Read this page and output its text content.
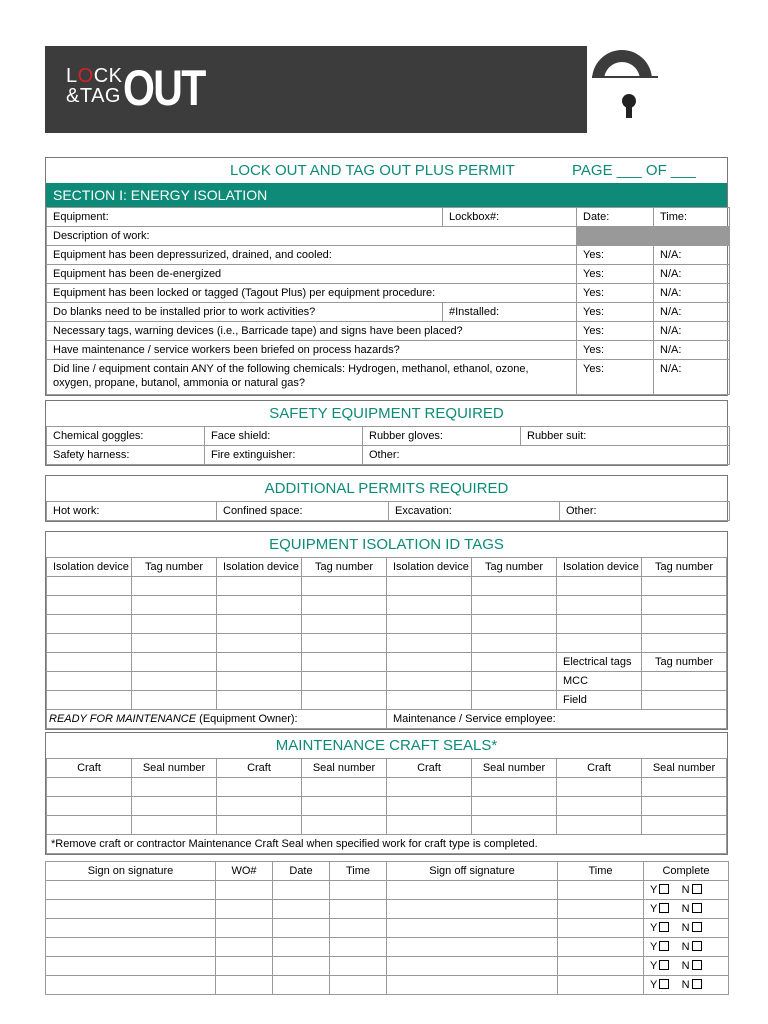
LOCK
&TAG OUT
LOCK OUT AND TAG OUT PLUS PERMIT	PAGE ___ OF ___
SECTION I: ENERGY ISOLATION
Equipment:	Lockbox#:	Date:	Time:
Description of work:			
Equipment has been depressurized, drained, and cooled:		Yes:	N/A:
Equipment has been de-energized		Yes:	N/A:
Equipment has been locked or tagged (Tagout Plus) per equipment procedure:		Yes:	N/A:
Do blanks need to be installed prior to work activities?	#Installed:	Yes:	N/A:
Necessary tags, warning devices (i.e., Barricade tape) and signs have been placed?		Yes:	N/A:
Have maintenance / service workers been briefed on process hazards?		Yes:	N/A:

Did line / equipment contain ANY of the following chemicals: Hydrogen, methanol, ethanol, ozone,
oxygen, propane, butanol, ammonia or natural gas?		Yes:	N/A:
SAFETY EQUIPMENT REQUIRED
Chemical goggles:	Face shield:	Rubber gloves:	Rubber suit:
Safety harness:	Fire extinguisher:	Other:	
ADDITIONAL PERMITS REQUIRED
Hot work:	Confined space:	Excavation:	Other:
EQUIPMENT ISOLATION ID TAGS
Isolation device	Tag number	Isolation device	Tag number	Isolation device	Tag number	Isolation device	Tag number

						Electrical tags	Tag number
						MCC	
						Field	
READY FOR MAINTENANCE (Equipment Owner):				Maintenance / Service employee:			
MAINTENANCE CRAFT SEALS*
Craft	Seal number	Craft	Seal number	Craft	Seal number	Craft	Seal number

*Remove craft or contractor Maintenance Craft Seal when specified work for craft type is completed.							
Sign on signature	WO#	Date	Time	Sign off signature	Time	Complete
						Y N
						Y N
						Y N
						Y N
						Y N
						Y N
